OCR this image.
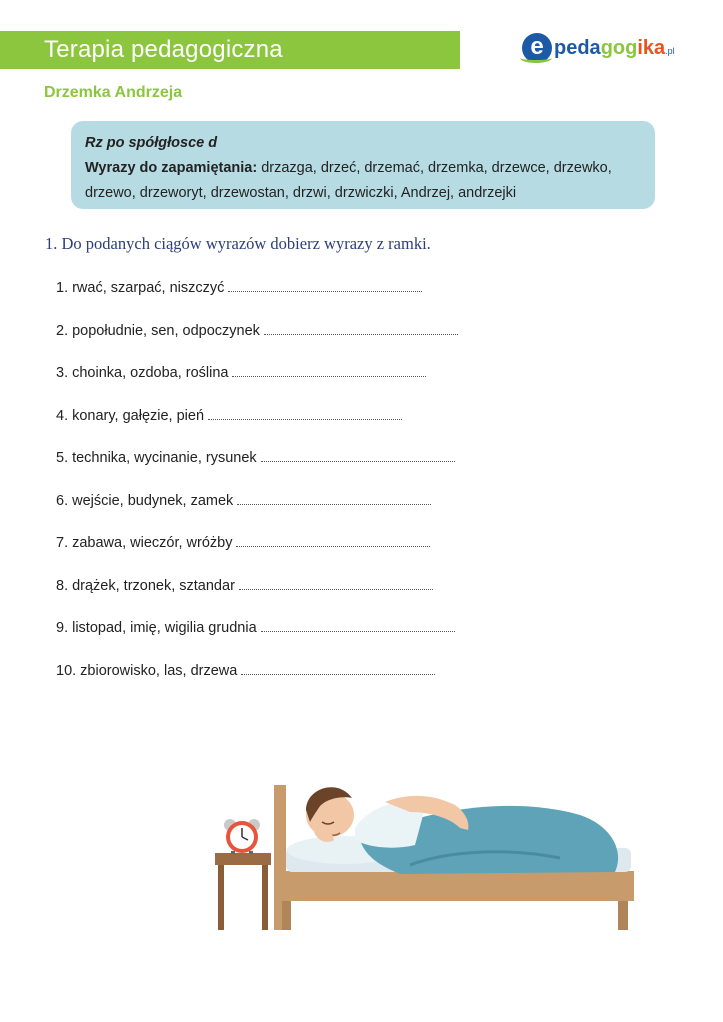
Terapia pedagogiczna	e pedagogika.pl
Drzemka Andrzeja
Rz po spółgłosce d
Wyrazy do zapamiętania: drzazga, drzeć, drzemać, drzemka, drzewce, drzewko, drzewo, drzeworyt, drzewostan, drzwi, drzwiczki, Andrzej, andrzejki
1. Do podanych ciągów wyrazów dobierz wyrazy z ramki.
1. rwać, szarpać, niszczyć
2. popołudnie, sen, odpoczynek
3. choinka, ozdoba, roślina
4. konary, gałęzie, pień
5. technika, wycinanie, rysunek
6. wejście, budynek, zamek
7. zabawa, wieczór, wróżby
8. drążek, trzonek, sztandar
9. listopad, imię, wigilia grudnia
10. zbiorowisko, las, drzewa
